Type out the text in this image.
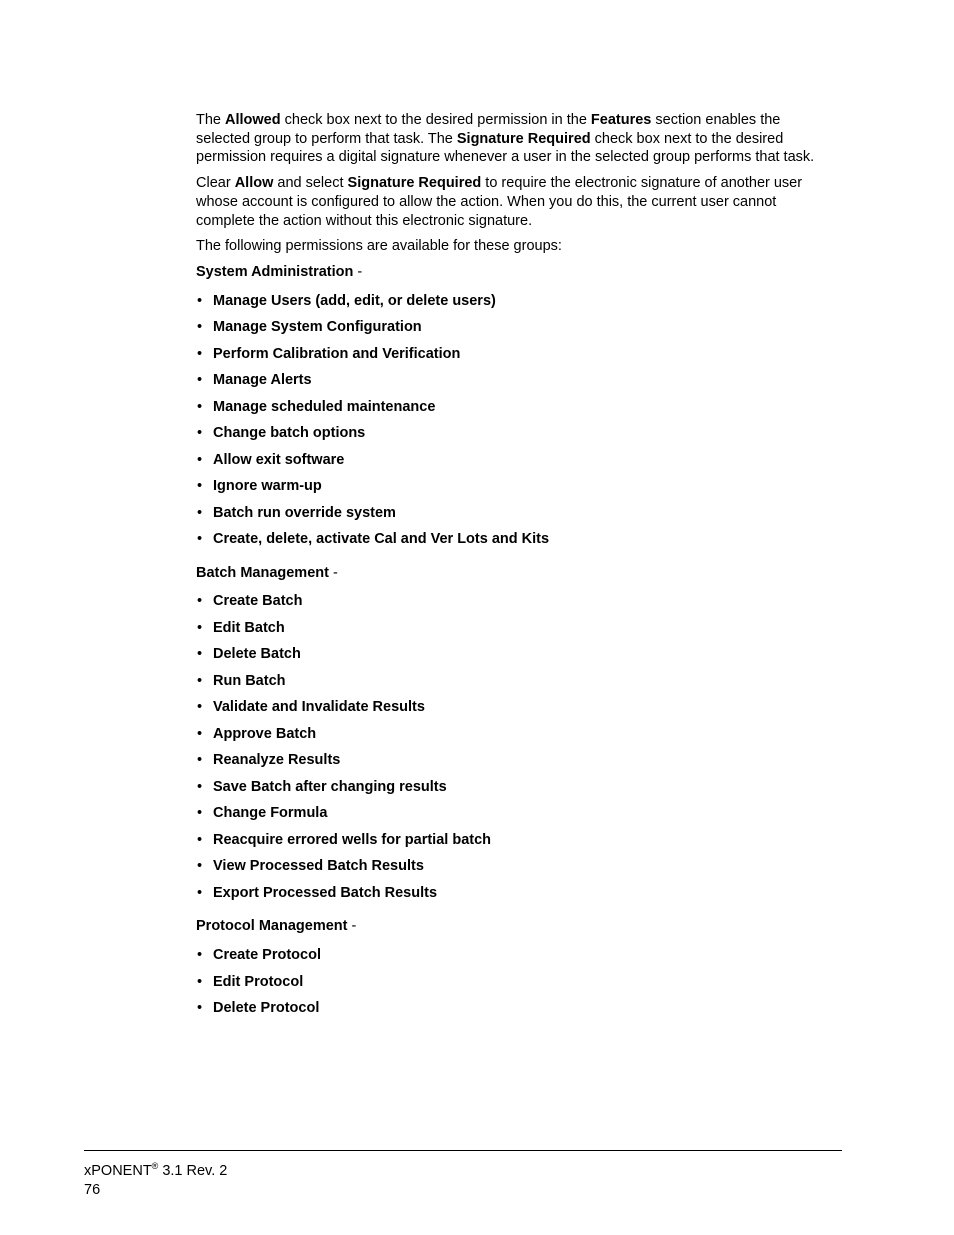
The Allowed check box next to the desired permission in the Features section enables the selected group to perform that task. The Signature Required check box next to the desired permission requires a digital signature whenever a user in the selected group performs that task.

Clear Allow and select Signature Required to require the electronic signature of another user whose account is configured to allow the action. When you do this, the current user cannot complete the action without this electronic signature.

The following permissions are available for these groups:

System Administration -
• Manage Users (add, edit, or delete users)
• Manage System Configuration
• Perform Calibration and Verification
• Manage Alerts
• Manage scheduled maintenance
• Change batch options
• Allow exit software
• Ignore warm-up
• Batch run override system
• Create, delete, activate Cal and Ver Lots and Kits
Batch Management -
• Create Batch
• Edit Batch
• Delete Batch
• Run Batch
• Validate and Invalidate Results
• Approve Batch
• Reanalyze Results
• Save Batch after changing results
• Change Formula
• Reacquire errored wells for partial batch
• View Processed Batch Results
• Export Processed Batch Results
Protocol Management -
• Create Protocol
• Edit Protocol
• Delete Protocol
xPONENT® 3.1 Rev. 2
76
